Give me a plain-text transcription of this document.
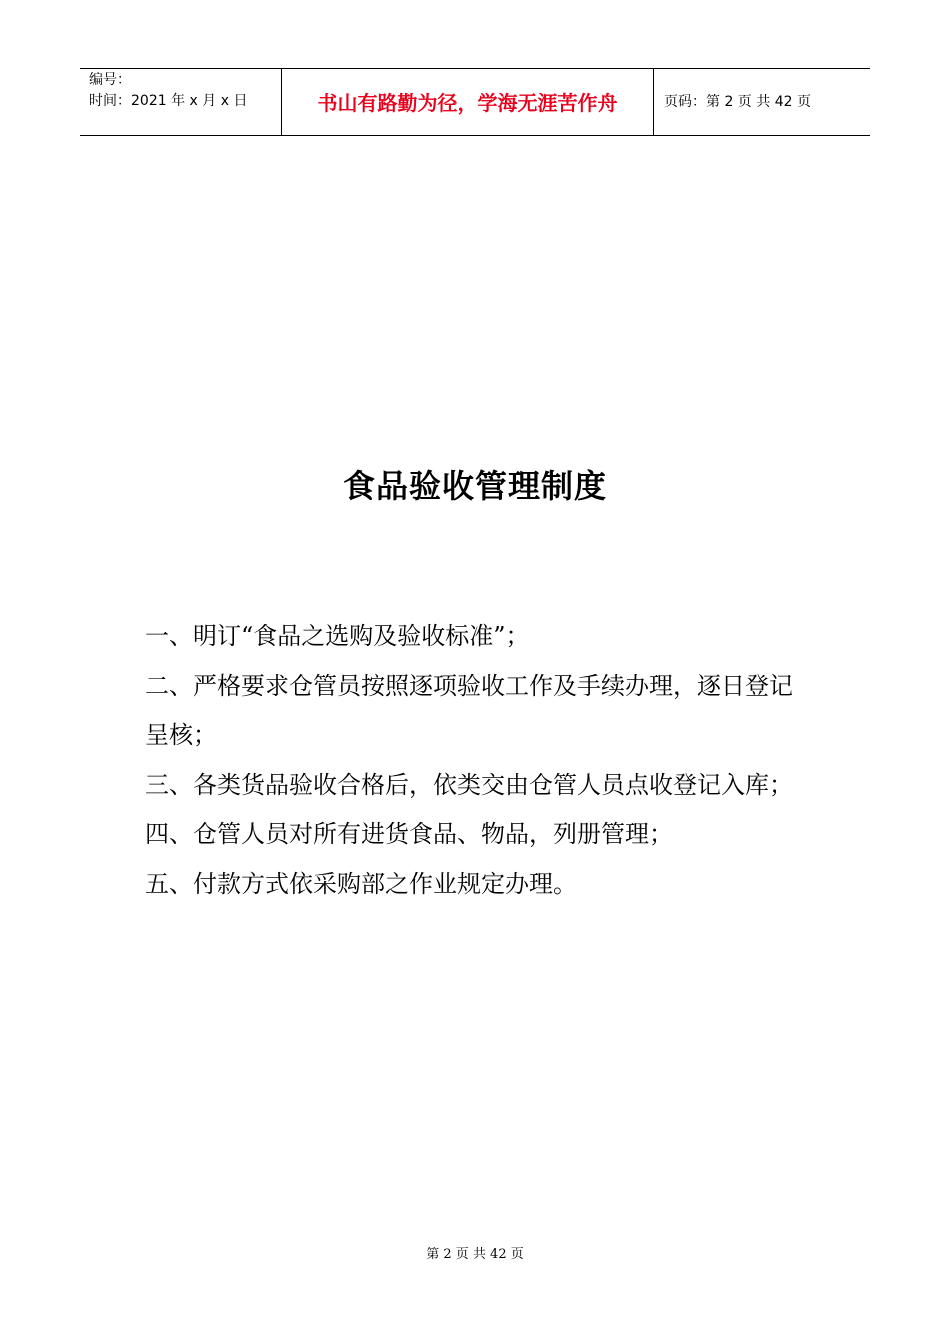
编号：
时间：2021 年 x 月 x 日	书山有路勤为径，学海无涯苦作舟	页码：第 2 页 共 42 页
食品验收管理制度

一、明订“食品之选购及验收标准”；

二、严格要求仓管员按照逐项验收工作及手续办理，逐日登记呈核；

三、各类货品验收合格后，依类交由仓管人员点收登记入库；

四、仓管人员对所有进货食品、物品，列册管理；

五、付款方式依采购部之作业规定办理。

第 2 页 共 42 页
